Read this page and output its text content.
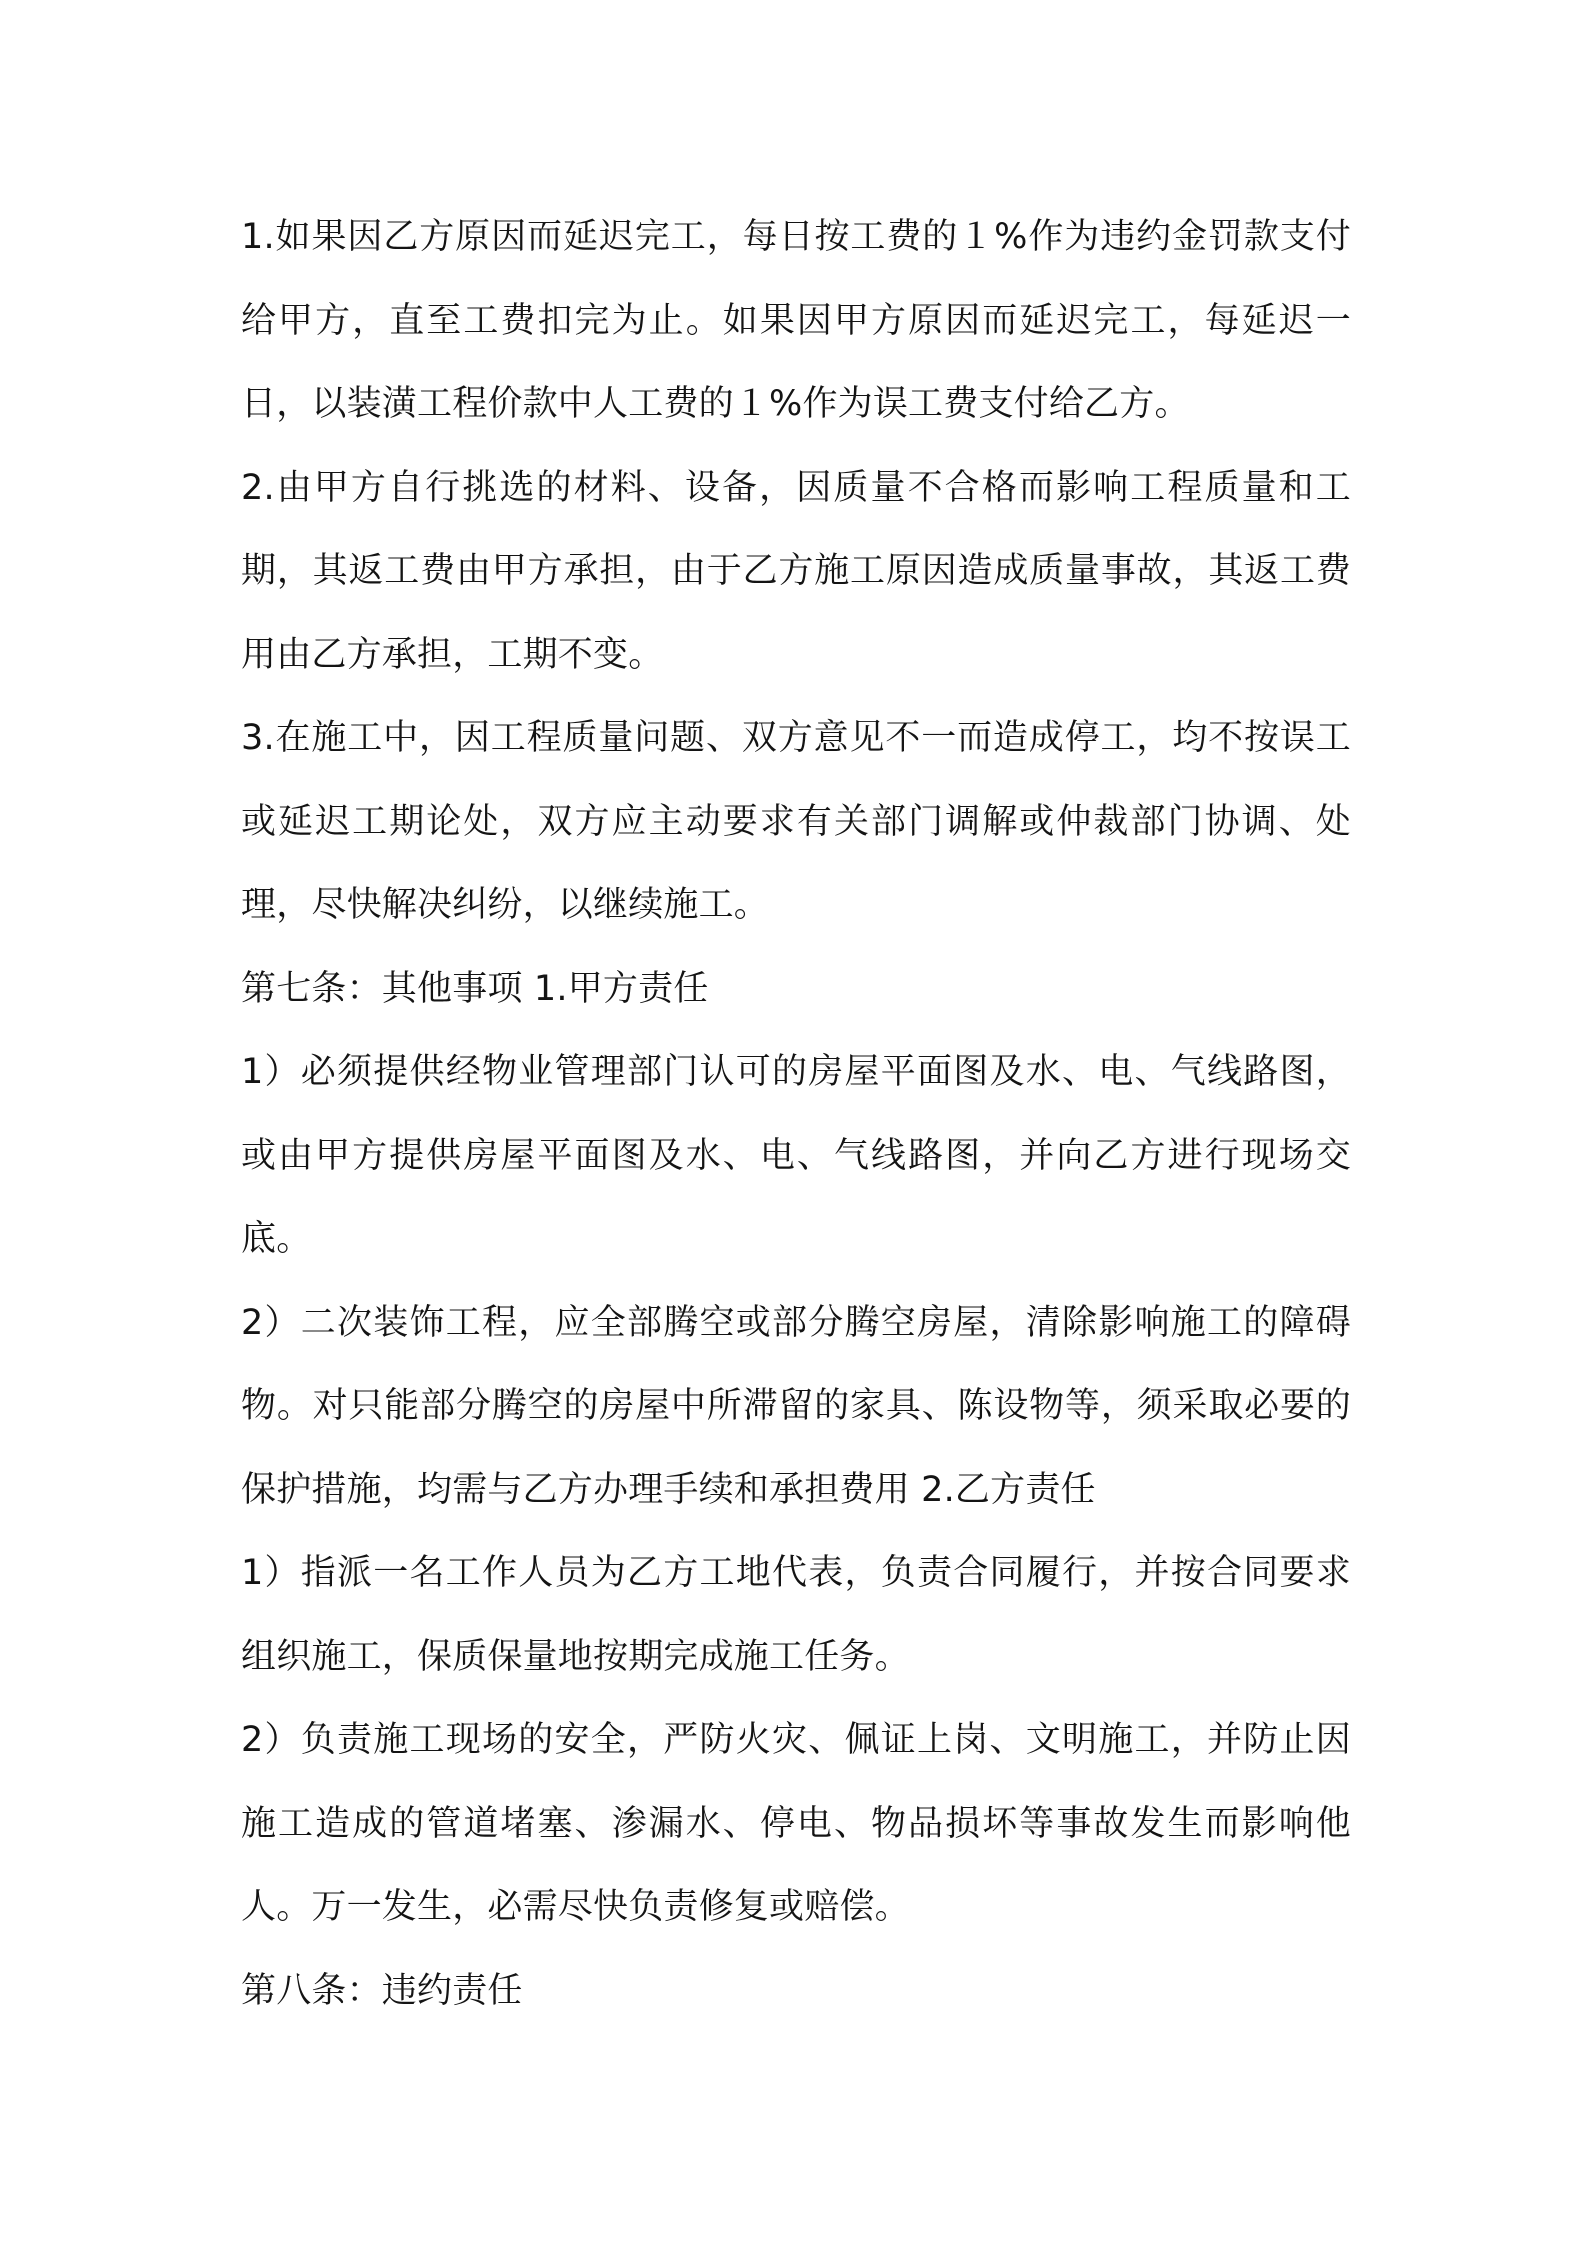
1.如果因乙方原因而延迟完工，每日按工费的１%作为违约金罚款支付给甲方，直至工费扣完为止。如果因甲方原因而延迟完工，每延迟一日，以装潢工程价款中人工费的１%作为误工费支付给乙方。

2.由甲方自行挑选的材料、设备，因质量不合格而影响工程质量和工期，其返工费由甲方承担，由于乙方施工原因造成质量事故，其返工费用由乙方承担，工期不变。

3.在施工中，因工程质量问题、双方意见不一而造成停工，均不按误工或延迟工期论处，双方应主动要求有关部门调解或仲裁部门协调、处理，尽快解决纠纷，以继续施工。

第七条：其他事项 1.甲方责任

1）必须提供经物业管理部门认可的房屋平面图及水、电、气线路图，或由甲方提供房屋平面图及水、电、气线路图，并向乙方进行现场交底。

2）二次装饰工程，应全部腾空或部分腾空房屋，清除影响施工的障碍物。对只能部分腾空的房屋中所滞留的家具、陈设物等，须采取必要的保护措施，均需与乙方办理手续和承担费用 2.乙方责任

1）指派一名工作人员为乙方工地代表，负责合同履行，并按合同要求组织施工，保质保量地按期完成施工任务。

2）负责施工现场的安全，严防火灾、佩证上岗、文明施工，并防止因施工造成的管道堵塞、渗漏水、停电、物品损坏等事故发生而影响他人。万一发生，必需尽快负责修复或赔偿。

第八条：违约责任
